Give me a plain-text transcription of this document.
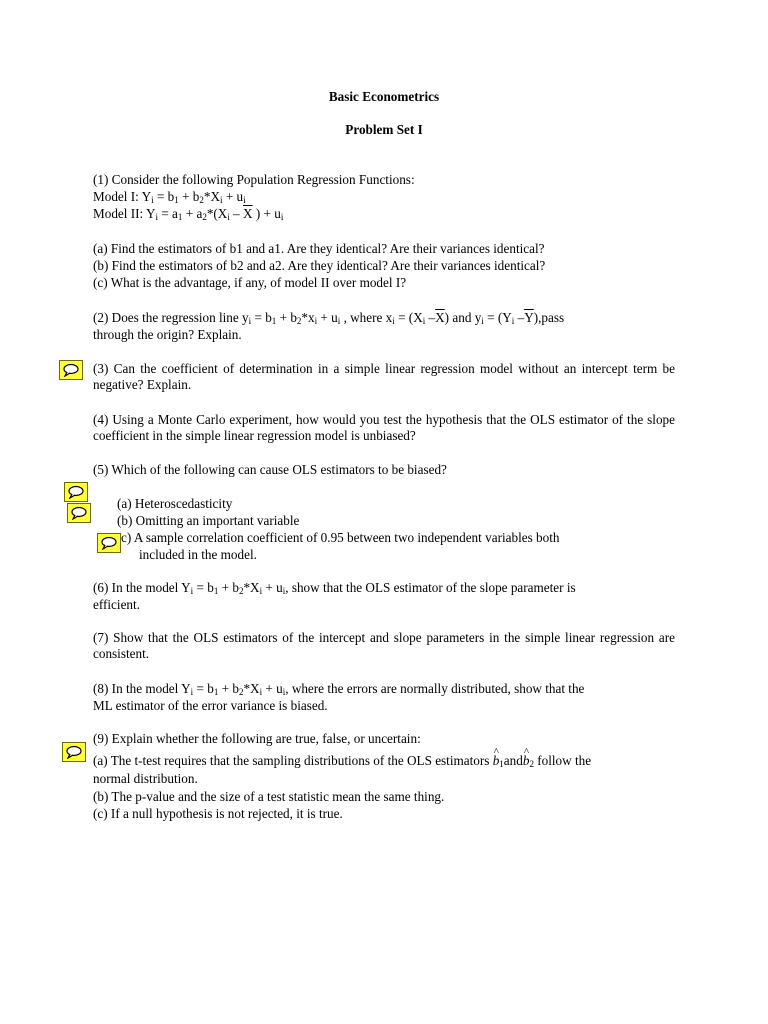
Basic Econometrics
Problem Set I
(1) Consider the following Population Regression Functions:
Model I: $Y_i = b_1 + b_2*X_i + u_i$
Model II: $Y_i = a_1 + a_2*(X_i - \overline{X}$ ) + $u_i$
(a) Find the estimators of b1 and a1. Are they identical? Are their variances identical?
(b) Find the estimators of b2 and a2. Are they identical? Are their variances identical?
(c) What is the advantage, if any, of model II over model I?
(2) Does the regression line $y_i = b_1 + b_2*x_i + u_i$ , where $x_i = (X_i$ $-\overline{X}$) and $y_i = (Y_i$ $-\overline{Y}),pass$
through the origin? Explain.
(3) Can the coefficient of determination in a simple linear regression model without an intercept term be negative? Explain.
(4) Using a Monte Carlo experiment, how would you test the hypothesis that the OLS estimator of the slope coefficient in the simple linear regression model is unbiased?
(5) Which of the following can cause OLS estimators to be biased?
(a) Heteroscedasticity
(b) Omitting an important variable
c) A sample correlation coefficient of 0.95 between two independent variables both
included in the model.
(6) In the model $Y_i = b_1 + b_2*X_i + u_i$, show that the OLS estimator of the slope parameter is
efficient.
(7) Show that the OLS estimators of the intercept and slope parameters in the simple linear regression are consistent.
(8) In the model $Y_i = b_1 + b_2*X_i + u_i$, where the errors are normally distributed, show that the
ML estimator of the error variance is biased.
(9) Explain whether the following are true, false, or uncertain:
(a) The t-test requires that the sampling distributions of the OLS estimators ^ $b_1and\^{}$ $b_2$ follow the
normal distribution.
(b) The p-value and the size of a test statistic mean the same thing.
(c) If a null hypothesis is not rejected, it is true.
